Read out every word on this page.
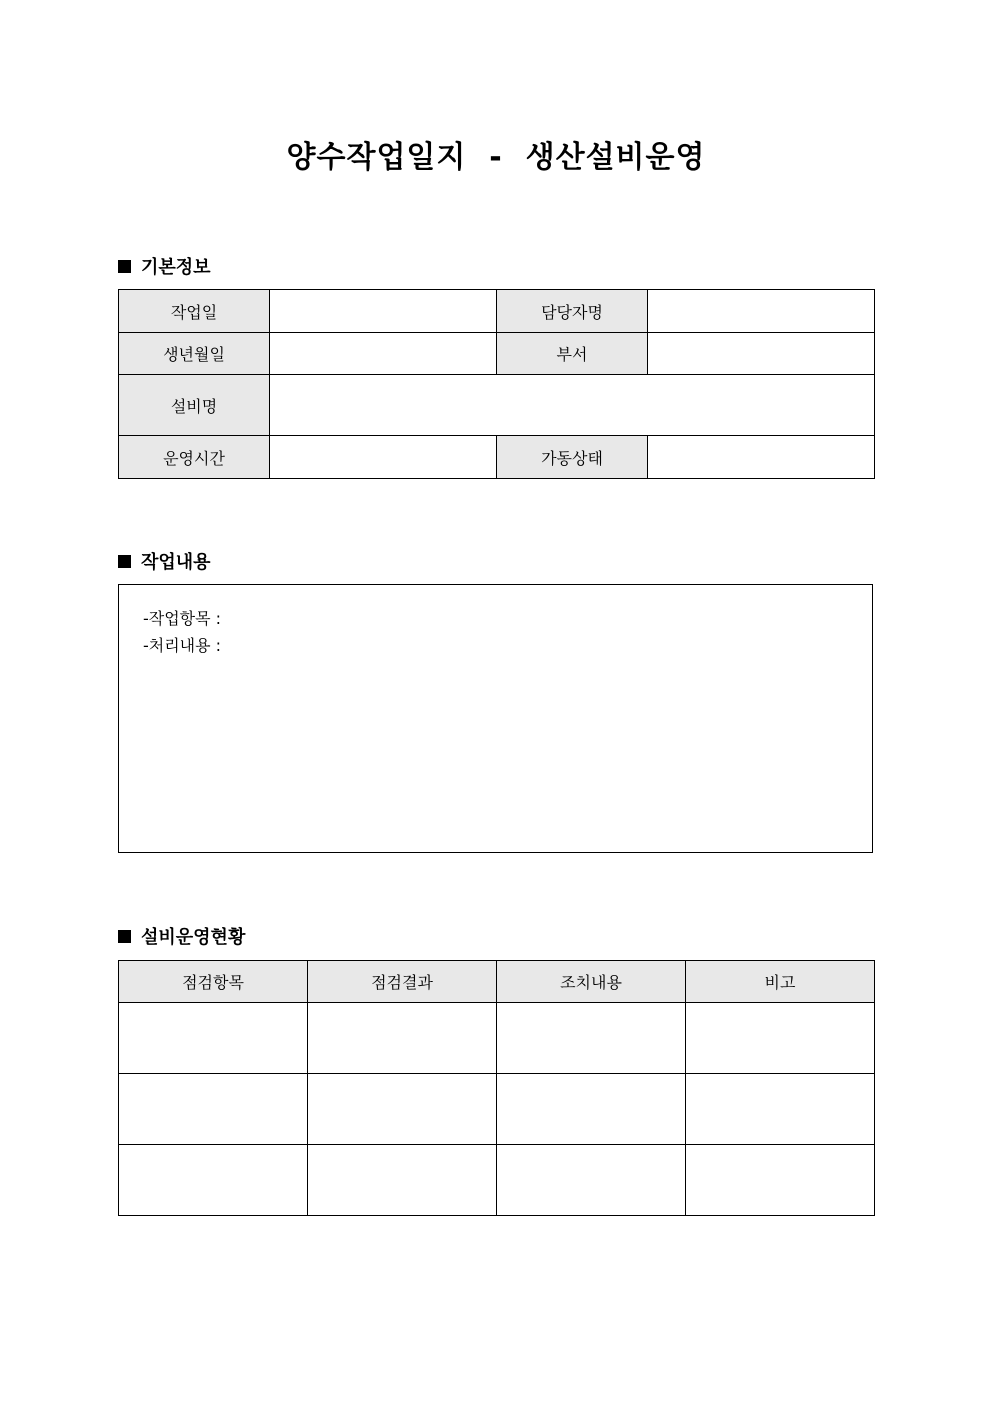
양수작업일지  -  생산설비운영
기본정보
작업일		담당자명	
생년월일		부서	
설비명			
운영시간		가동상태	
작업내용
-작업항목 :
-처리내용 :
설비운영현황
점검항목	점검결과	조치내용	비고
